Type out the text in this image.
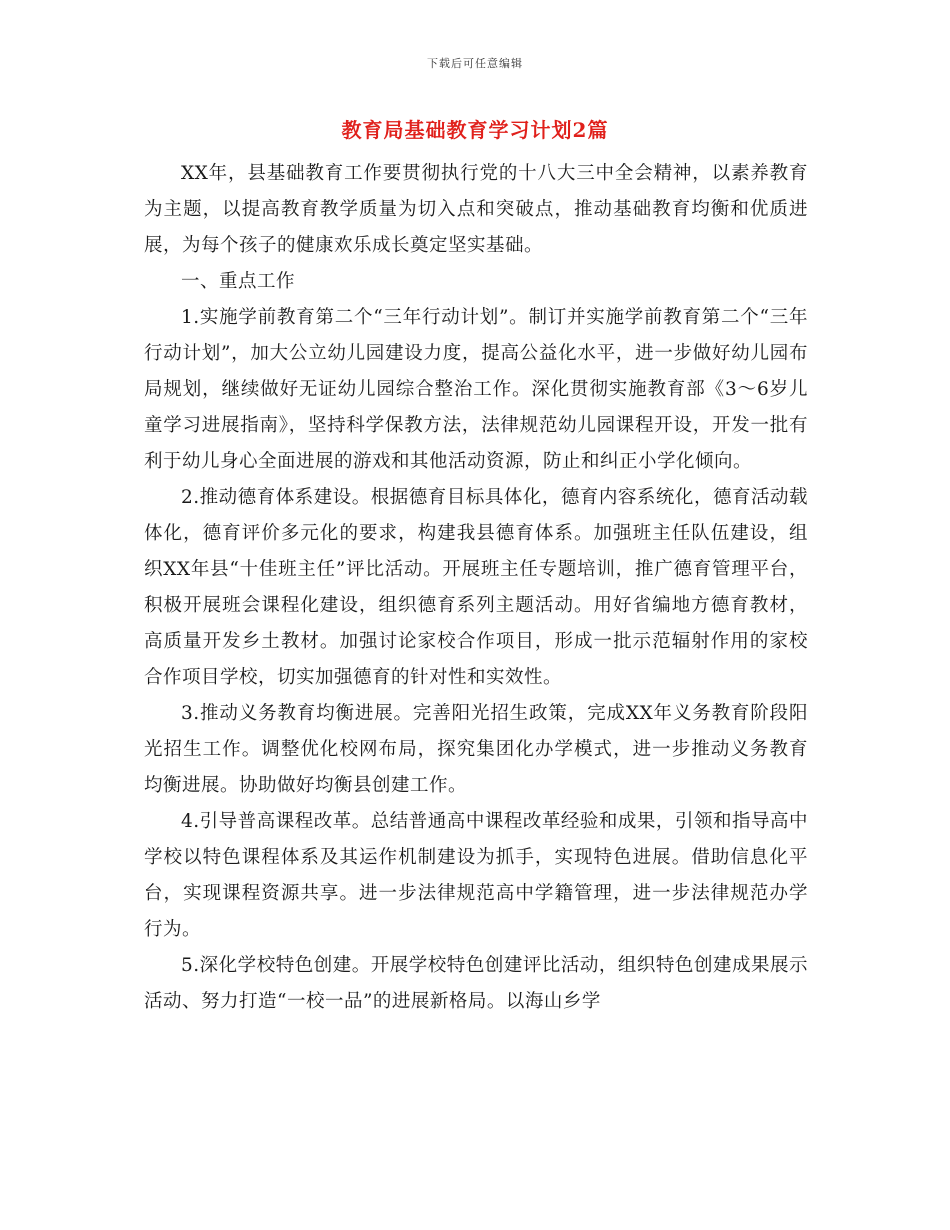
下载后可任意编辑
教育局基础教育学习计划2篇

XX年，县基础教育工作要贯彻执行党的十八大三中全会精神，以素养教育为主题，以提高教育教学质量为切入点和突破点，推动基础教育均衡和优质进展，为每个孩子的健康欢乐成长奠定坚实基础。

一、重点工作

1.实施学前教育第二个“三年行动计划”。制订并实施学前教育第二个“三年行动计划”，加大公立幼儿园建设力度，提高公益化水平，进一步做好幼儿园布局规划，继续做好无证幼儿园综合整治工作。深化贯彻实施教育部《3～6岁儿童学习进展指南》，坚持科学保教方法，法律规范幼儿园课程开设，开发一批有利于幼儿身心全面进展的游戏和其他活动资源，防止和纠正小学化倾向。

2.推动德育体系建设。根据德育目标具体化，德育内容系统化，德育活动载体化，德育评价多元化的要求，构建我县德育体系。加强班主任队伍建设，组织XX年县“十佳班主任”评比活动。开展班主任专题培训，推广德育管理平台，积极开展班会课程化建设，组织德育系列主题活动。用好省编地方德育教材，高质量开发乡土教材。加强讨论家校合作项目，形成一批示范辐射作用的家校合作项目学校，切实加强德育的针对性和实效性。

3.推动义务教育均衡进展。完善阳光招生政策，完成XX年义务教育阶段阳光招生工作。调整优化校网布局，探究集团化办学模式，进一步推动义务教育均衡进展。协助做好均衡县创建工作。

4.引导普高课程改革。总结普通高中课程改革经验和成果，引领和指导高中学校以特色课程体系及其运作机制建设为抓手，实现特色进展。借助信息化平台，实现课程资源共享。进一步法律规范高中学籍管理，进一步法律规范办学行为。

5.深化学校特色创建。开展学校特色创建评比活动，组织特色创建成果展示活动、努力打造“一校一品”的进展新格局。以海山乡学
